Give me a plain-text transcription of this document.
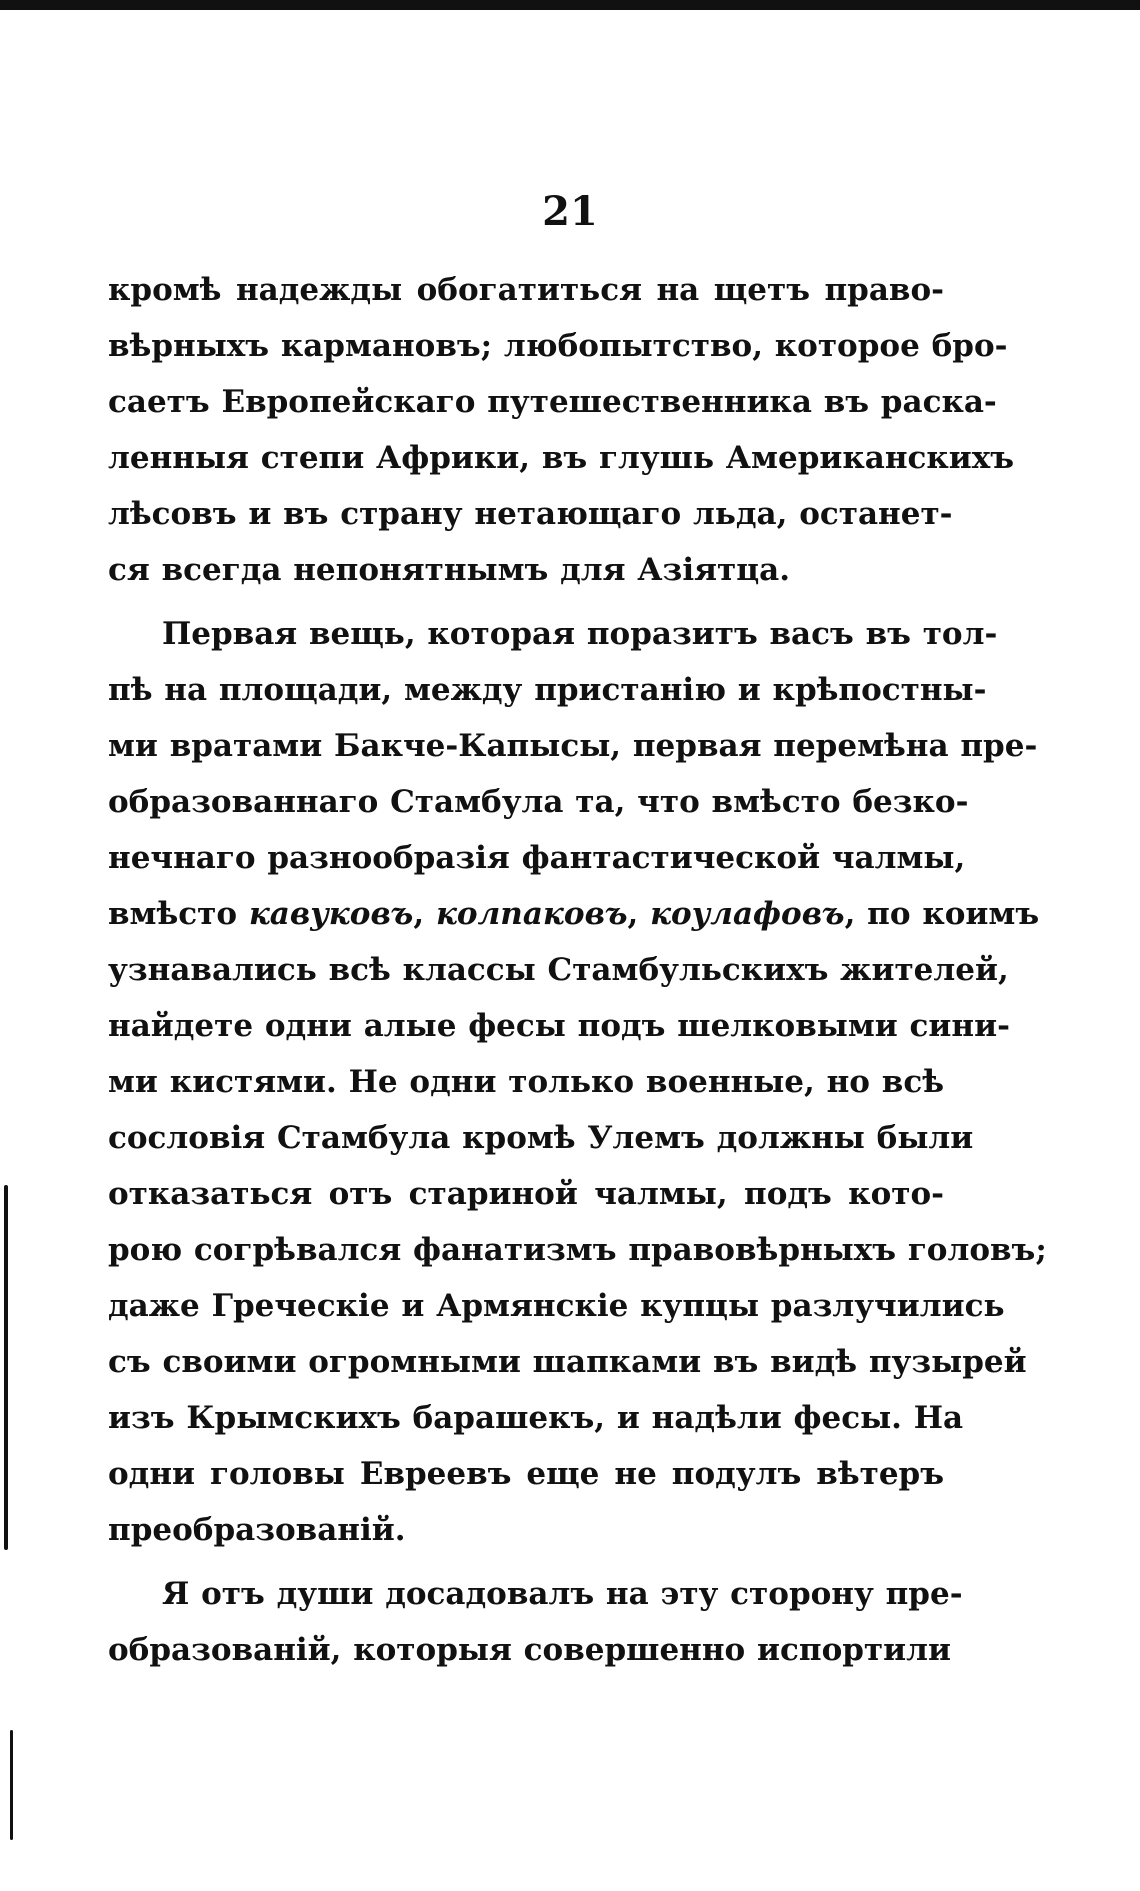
21

кромѣ надежды обогатиться на щетъ право-
вѣрныхъ кармановъ; любопытство, которое бро-
саетъ Европейскаго путешественника въ раска-
ленныя степи Африки, въ глушь Американскихъ
лѣсовъ и въ страну нетающаго льда, останет-
ся всегда непонятнымъ для Азіятца.

Первая вещь, которая поразитъ васъ въ тол-
пѣ на площади, между пристанію и крѣпостны-
ми вратами Бакче-Капысы, первая перемѣна пре-
образованнаго Стамбула та, что вмѣсто безко-
нечнаго разнообразія фантастической чалмы,
вмѣсто кавуковъ, колпаковъ, коулафовъ, по коимъ
узнавались всѣ классы Стамбульскихъ жителей,
найдете одни алые фесы подъ шелковыми сини-
ми кистями. Не одни только военные, но всѣ
сословія Стамбула кромѣ Улемъ должны были
отказаться отъ стариной чалмы, подъ кото-
рою согрѣвался фанатизмъ правовѣрныхъ головъ;
даже Греческіе и Армянскіе купцы разлучились
съ своими огромными шапками въ видѣ пузырей
изъ Крымскихъ барашекъ, и надѣли фесы. На
одни головы Евреевъ еще не подулъ вѣтеръ
преобразованій.

Я отъ души досадовалъ на эту сторону пре-
образованій, которыя совершенно испортили
